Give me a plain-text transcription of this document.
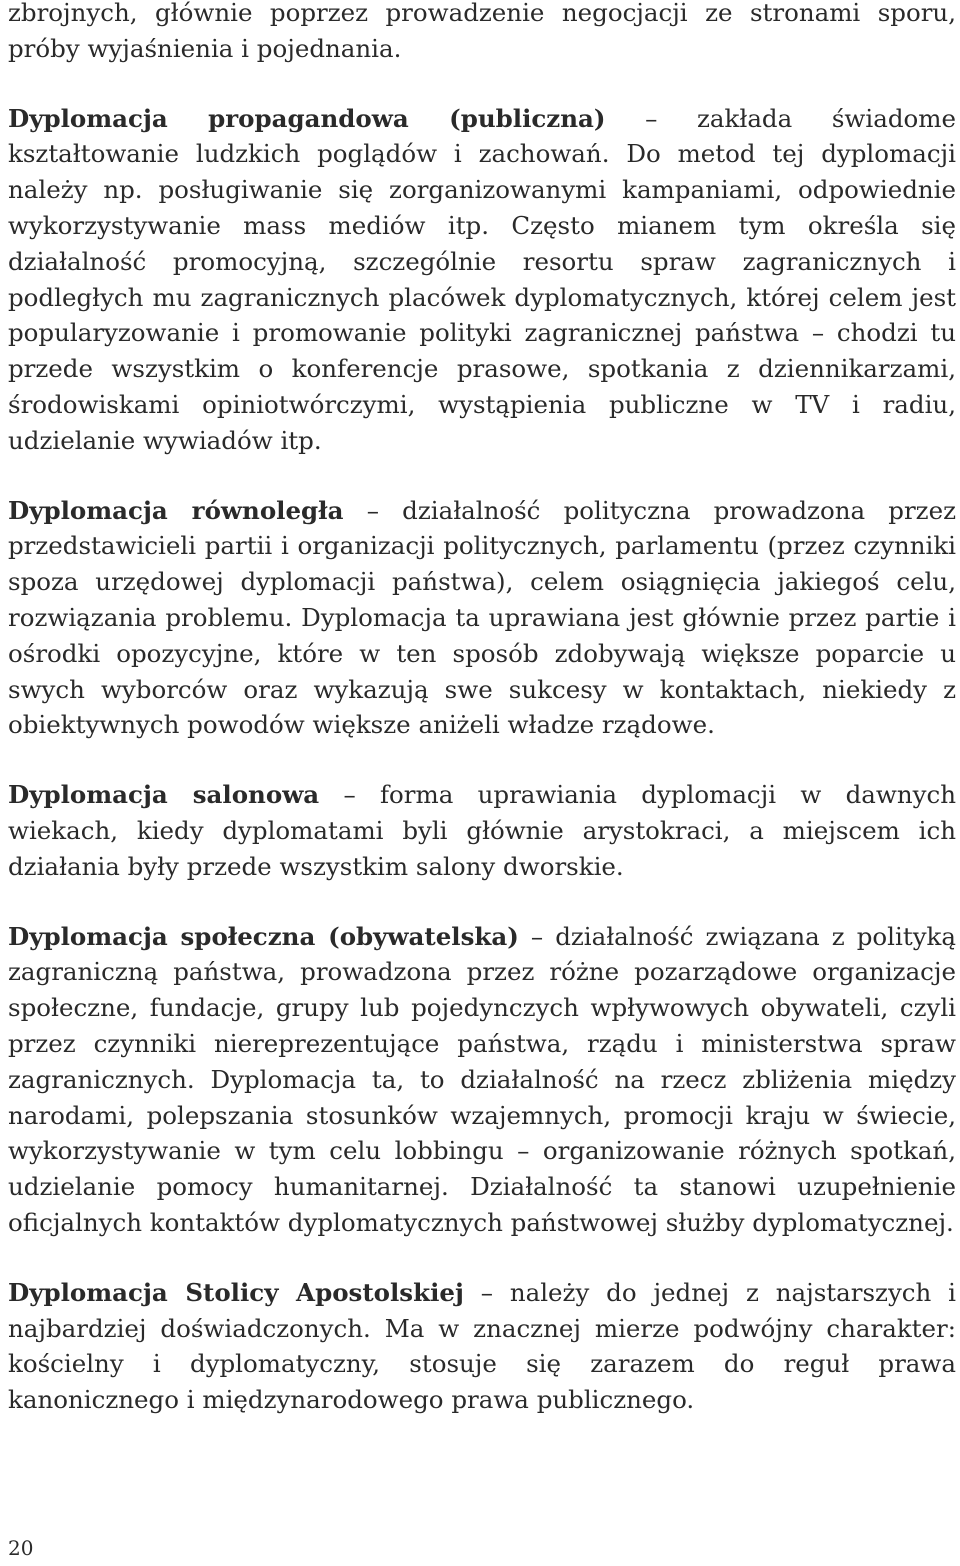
zbrojnych, głównie poprzez prowadzenie negocjacji ze stronami sporu, próby wyjaśnienia i pojednania.

Dyplomacja propagandowa (publiczna) – zakłada świadome kształtowanie ludzkich poglądów i zachowań. Do metod tej dyplomacji należy np. posługiwanie się zorganizowanymi kampaniami, odpowiednie wykorzystywanie mass mediów itp. Często mianem tym określa się działalność promocyjną, szczególnie resortu spraw zagranicznych i podległych mu zagranicznych placówek dyplomatycznych, której celem jest popularyzowanie i promowanie polityki zagranicznej państwa – chodzi tu przede wszystkim o konferencje prasowe, spotkania z dziennikarzami, środowiskami opiniotwórczymi, wystąpienia publiczne w TV i radiu, udzielanie wywiadów itp.

Dyplomacja równoległa – działalność polityczna prowadzona przez przedstawicieli partii i organizacji politycznych, parlamentu (przez czynniki spoza urzędowej dyplomacji państwa), celem osiągnięcia jakiegoś celu, rozwiązania problemu. Dyplomacja ta uprawiana jest głównie przez partie i ośrodki opozycyjne, które w ten sposób zdobywają większe poparcie u swych wyborców oraz wykazują swe sukcesy w kontaktach, niekiedy z obiektywnych powodów większe aniżeli władze rządowe.

Dyplomacja salonowa – forma uprawiania dyplomacji w dawnych wiekach, kiedy dyplomatami byli głównie arystokraci, a miejscem ich działania były przede wszystkim salony dworskie.

Dyplomacja społeczna (obywatelska) – działalność związana z polityką zagraniczną państwa, prowadzona przez różne pozarządowe organizacje społeczne, fundacje, grupy lub pojedynczych wpływowych obywateli, czyli przez czynniki niereprezentujące państwa, rządu i ministerstwa spraw zagranicznych. Dyplomacja ta, to działalność na rzecz zbliżenia między narodami, polepszania stosunków wzajemnych, promocji kraju w świecie, wykorzystywanie w tym celu lobbingu – organizowanie różnych spotkań, udzielanie pomocy humanitarnej. Działalność ta stanowi uzupełnienie oficjalnych kontaktów dyplomatycznych państwowej służby dyplomatycznej.

Dyplomacja Stolicy Apostolskiej – należy do jednej z najstarszych i najbardziej doświadczonych. Ma w znacznej mierze podwójny charakter: kościelny i dyplomatyczny, stosuje się zarazem do reguł prawa kanonicznego i międzynarodowego prawa publicznego.

20
